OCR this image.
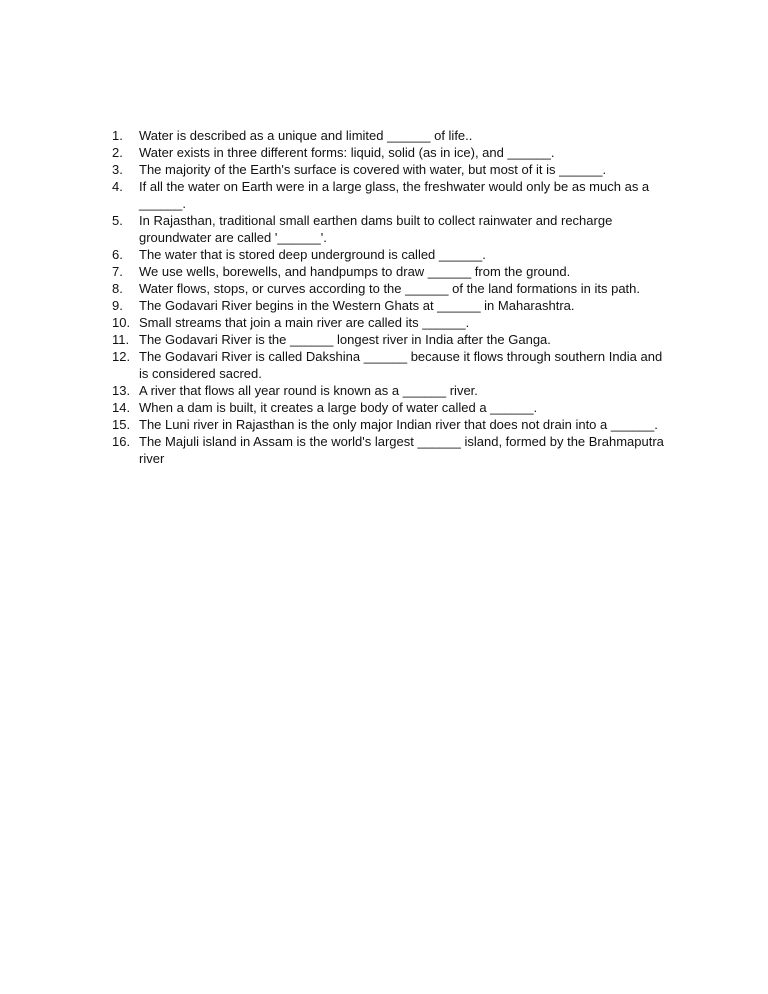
1.	Water is described as a unique and limited ______ of life..
2.	Water exists in three different forms: liquid, solid (as in ice), and ______.
3.	The majority of the Earth's surface is covered with water, but most of it is ______.
4.	If all the water on Earth were in a large glass, the freshwater would only be as much as a ______.
5.	In Rajasthan, traditional small earthen dams built to collect rainwater and recharge groundwater are called '______'.
6.	The water that is stored deep underground is called ______.
7.	We use wells, borewells, and handpumps to draw ______ from the ground.
8.	Water flows, stops, or curves according to the ______ of the land formations in its path.
9.	The Godavari River begins in the Western Ghats at ______ in Maharashtra.
10. Small streams that join a main river are called its ______.
11. The Godavari River is the ______ longest river in India after the Ganga.
12. The Godavari River is called Dakshina ______ because it flows through southern India and is considered sacred.
13. A river that flows all year round is known as a ______ river.
14. When a dam is built, it creates a large body of water called a ______.
15. The Luni river in Rajasthan is the only major Indian river that does not drain into a ______.
16. The Majuli island in Assam is the world's largest ______ island, formed by the Brahmaputra river
